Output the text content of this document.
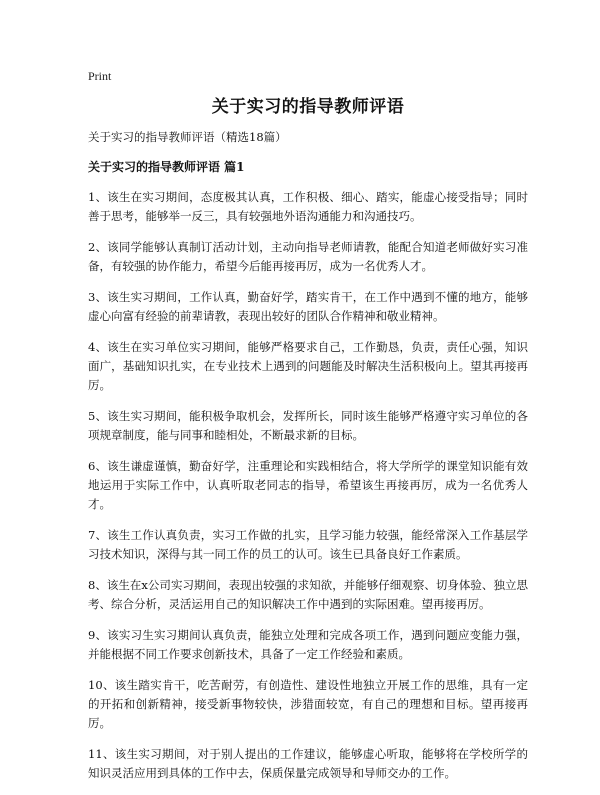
Print
关于实习的指导教师评语

关于实习的指导教师评语（精选18篇）

关于实习的指导教师评语 篇1

1、该生在实习期间，态度极其认真，工作积极、细心、踏实，能虚心接受指导；同时善于思考，能够举一反三，具有较强地外语沟通能力和沟通技巧。

2、该同学能够认真制订活动计划，主动向指导老师请教，能配合知道老师做好实习准备，有较强的协作能力，希望今后能再接再厉，成为一名优秀人才。

3、该生实习期间，工作认真，勤奋好学，踏实肯干，在工作中遇到不懂的地方，能够虚心向富有经验的前辈请教，表现出较好的团队合作精神和敬业精神。

4、该生在实习单位实习期间，能够严格要求自己，工作勤恳，负责，责任心强，知识面广，基础知识扎实，在专业技术上遇到的问题能及时解决生活积极向上。望其再接再厉。

5、该生实习期间，能积极争取机会，发挥所长，同时该生能够严格遵守实习单位的各项规章制度，能与同事和睦相处，不断最求新的目标。

6、该生谦虚谨慎，勤奋好学，注重理论和实践相结合，将大学所学的课堂知识能有效地运用于实际工作中，认真听取老同志的指导，希望该生再接再厉，成为一名优秀人才。

7、该生工作认真负责，实习工作做的扎实，且学习能力较强，能经常深入工作基层学习技术知识，深得与其一同工作的员工的认可。该生已具备良好工作素质。

8、该生在x公司实习期间，表现出较强的求知欲，并能够仔细观察、切身体验、独立思考、综合分析，灵活运用自己的知识解决工作中遇到的实际困难。望再接再厉。

9、该实习生实习期间认真负责，能独立处理和完成各项工作，遇到问题应变能力强，并能根据不同工作要求创新技术，具备了一定工作经验和素质。

10、该生踏实肯干，吃苦耐劳，有创造性、建设性地独立开展工作的思维，具有一定的开拓和创新精神，接受新事物较快，涉猎面较宽，有自己的理想和目标。望再接再厉。

11、该生实习期间，对于别人提出的工作建议，能够虚心听取，能够将在学校所学的知识灵活应用到具体的工作中去，保质保量完成领导和导师交办的工作。
